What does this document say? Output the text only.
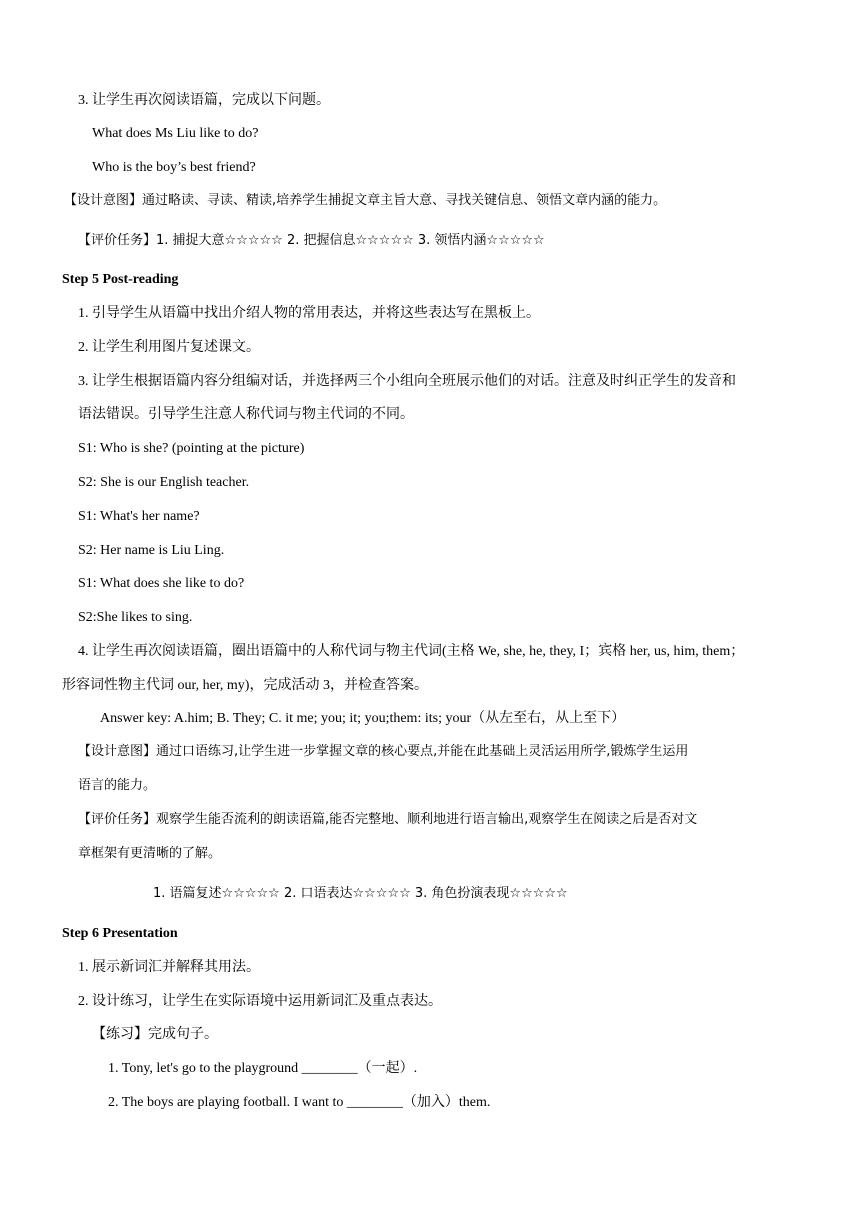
3. 让学生再次阅读语篇，完成以下问题。
What does Ms Liu like to do?
Who is the boy’s best friend?
【设计意图】通过略读、寻读、精读,培养学生捕捉文章主旨大意、寻找关键信息、领悟文章内涵的能力。
【评价任务】1. 捕捉大意☆☆☆☆☆ 2. 把握信息☆☆☆☆☆ 3. 领悟内涵☆☆☆☆☆
Step 5 Post-reading
1. 引导学生从语篇中找出介绍人物的常用表达，并将这些表达写在黑板上。
2. 让学生利用图片复述课文。
3. 让学生根据语篇内容分组编对话，并选择两三个小组向全班展示他们的对话。注意及时纠正学生的发音和
语法错误。引导学生注意人称代词与物主代词的不同。
S1: Who is she? (pointing at the picture)
S2: She is our English teacher.
S1: What's her name?
S2: Her name is Liu Ling.
S1: What does she like to do?
S2:She likes to sing.
4. 让学生再次阅读语篇，圈出语篇中的人称代词与物主代词(主格 We, she, he, they, I；宾格 her, us, him, them；
形容词性物主代词 our, her, my)，完成活动 3，并检查答案。
Answer key: A.him; B. They; C. it me; you; it; you;them: its; your（从左至右，从上至下）
【设计意图】通过口语练习,让学生进一步掌握文章的核心要点,并能在此基础上灵活运用所学,锻炼学生运用
语言的能力。
【评价任务】观察学生能否流利的朗读语篇,能否完整地、顺利地进行语言输出,观察学生在阅读之后是否对文
章框架有更清晰的了解。
1. 语篇复述☆☆☆☆☆ 2. 口语表达☆☆☆☆☆ 3. 角色扮演表现☆☆☆☆☆
Step 6 Presentation
1. 展示新词汇并解释其用法。
2. 设计练习，让学生在实际语境中运用新词汇及重点表达。
【练习】完成句子。
1. Tony, let's go to the playground ________（一起）.
2. The boys are playing football. I want to ________（加入）them.
